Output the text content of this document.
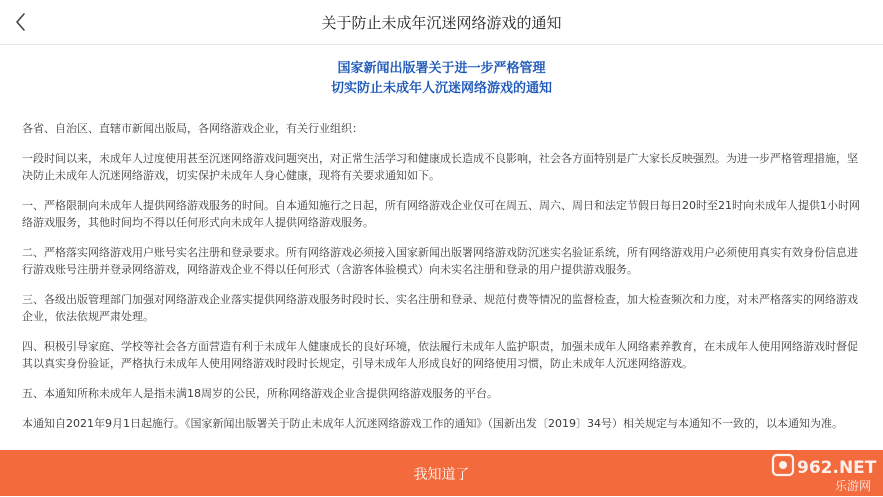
关于防止未成年沉迷网络游戏的通知
国家新闻出版署关于进一步严格管理
切实防止未成年人沉迷网络游戏的通知

各省、自治区、直辖市新闻出版局，各网络游戏企业，有关行业组织：

一段时间以来，未成年人过度使用甚至沉迷网络游戏问题突出，对正常生活学习和健康成长造成不良影响，社会各方面特别是广大家长反映强烈。为进一步严格管理措施，坚决防止未成年人沉迷网络游戏，切实保护未成年人身心健康，现将有关要求通知如下。

一、严格限制向未成年人提供网络游戏服务的时间。自本通知施行之日起，所有网络游戏企业仅可在周五、周六、周日和法定节假日每日20时至21时向未成年人提供1小时网络游戏服务，其他时间均不得以任何形式向未成年人提供网络游戏服务。

二、严格落实网络游戏用户账号实名注册和登录要求。所有网络游戏必须接入国家新闻出版署网络游戏防沉迷实名验证系统，所有网络游戏用户必须使用真实有效身份信息进行游戏账号注册并登录网络游戏，网络游戏企业不得以任何形式（含游客体验模式）向未实名注册和登录的用户提供游戏服务。

三、各级出版管理部门加强对网络游戏企业落实提供网络游戏服务时段时长、实名注册和登录、规范付费等情况的监督检查，加大检查频次和力度，对未严格落实的网络游戏企业，依法依规严肃处理。

四、积极引导家庭、学校等社会各方面营造有利于未成年人健康成长的良好环境，依法履行未成年人监护职责，加强未成年人网络素养教育，在未成年人使用网络游戏时督促其以真实身份验证，严格执行未成年人使用网络游戏时段时长规定，引导未成年人形成良好的网络使用习惯，防止未成年人沉迷网络游戏。

五、本通知所称未成年人是指未满18周岁的公民，所称网络游戏企业含提供网络游戏服务的平台。

本通知自2021年9月1日起施行。《国家新闻出版署关于防止未成年人沉迷网络游戏工作的通知》（国新出发〔2019〕34号）相关规定与本通知不一致的，以本通知为准。

我知道了	962.NET
乐游网
